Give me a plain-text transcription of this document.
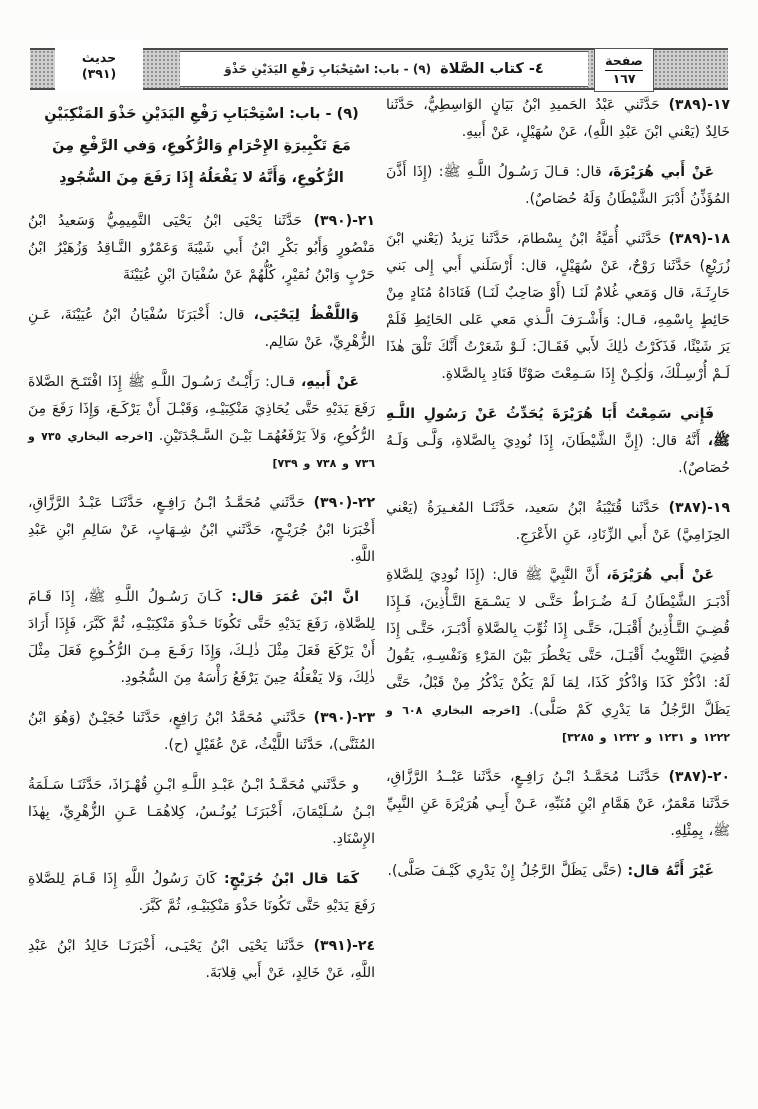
حديث
(٣٩١)	٤- كتاب الصَّلاة
(٩) - باب: اسْتِحْبَابِ رَفْعِ اليَدَيْنِ حَذْوَ
صفحة
١٦٧

١٧-(٣٨٩) حَدَّثَني عَبْدُ الحَميدِ ابْنُ بَيَانٍ الوَاسِطِيُّ، حَدَّثَنا خَالِدٌ (يَعْني ابْنَ عَبْدِ اللَّهِ)، عَنْ سُهَيْلٍ، عَنْ أَبيهِ.

عَنْ أَبي هُرَيْرَةَ، قال: قـالَ رَسُـولُ اللَّـهِ ﷺ: (إِذَا أَذَّنَ المُؤَذِّنُ أَدْبَرَ الشَّيْطَانُ وَلَهُ حُصَاصٌ).

١٨-(٣٨٩) حَدَّثَني أُمَيَّةُ ابْنُ بِسْطامَ، حَدَّثَنا يَزيدُ (يَعْني ابْنَ زُرَيْعٍ) حَدَّثَنا رَوْحٌ، عَنْ سُهَيْلٍ، قال: أَرْسَلَني أَبي إِلى بَني حَارِثَـةَ، قال وَمَعي غُلامٌ لَنَـا (أَوْ صَاحِبٌ لَنَـا) فَنَادَاهُ مُنَادٍ مِنْ حَائِطٍ بِاسْمِهِ، قـال: وَأَشْـرَفَ الَّـذي مَعي عَلى الحَائِطِ فَلَمْ يَرَ شَيْئًا، فَذَكَرْتُ ذٰلِكَ لأَبي فَقَـالَ: لَـوْ شَعَرْتُ أَنَّكَ تَلْقَ هٰذَا لَـمْ أُرْسِـلْكَ، وَلٰكِـنْ إِذَا سَـمِعْتَ صَوْتًا فَنَادِ بِالصَّلاةِ.

فَإِني سَمِعْتُ أَبَا هُرَيْرَةَ يُحَدِّثُ عَنْ رَسُولِ اللَّـهِ ﷺ، أَنَّهُ قال: (إِنَّ الشَّيْطَانَ، إِذَا نُودِيَ بِالصَّلاةِ، وَلَّـى وَلَـهُ حُصَاصٌ).

١٩-(٣٨٧) حَدَّثَنا قُتَيْبَةُ ابْنُ سَعيد، حَدَّثَنَـا المُغـيرَةُ (يَعْني الحِزَامِيَّ) عَنْ أَبي الزِّنَادِ، عَنِ الأَعْرَجِ.

عَنْ أَبي هُرَيْرَةَ، أَنَّ النَّبِيَّ ﷺ قال: (إِذَا نُودِيَ لِلصَّلاةِ أَدْبَـرَ الشَّيْطَانُ لَـهُ ضُـرَاطٌ حَتَّـى لا يَسْـمَعَ التَّـأْذِينَ، فَـإِذَا قُضِـيَ التَّـأْذِينُ أَقْبَـلَ، حَتَّـى إِذَا ثُوِّبَ بِالصَّلاةِ أَدْبَـرَ، حَتَّـى إِذَا قُضِيَ التَّثْوِيبُ أَقْبَـلَ، حَتَّى يَخْطُرَ بَيْنَ المَرْءِ وَنَفْسِـهِ، يَقُولُ لَهُ: اذْكُرْ كَذَا وَاذْكُرْ كَذَا، لِمَا لَمْ يَكُنْ يَذْكُرُ مِنْ قَبْلُ، حَتَّى يَظَلَّ الرَّجُلُ مَا يَدْرِي كَمْ صَلَّى). [اخرجه البخاري ٦٠٨ و ١٢٢٢ و ١٢٣١ و ١٢٣٢ و ٣٢٨٥]

٢٠-(٣٨٧) حَدَّثَنـا مُحَمَّـدُ ابْـنُ رَافِـعٍ، حَدَّثَنا عَبْــدُ الرَّزَّاقِ، حَدَّثَنا مَعْمَرٌ، عَنْ هَمَّامِ ابْنِ مُنَبِّهِ، عَـنْ أَبِـي هُرَيْرَةَ عَنِ النَّبِيِّ ﷺ، بِمِثْلِهِ.

غَيْرَ أَنَّهُ قال: (حَتَّى يَظَلَّ الرَّجُلُ إِنْ يَدْرِي كَيْـفَ صَلَّى).

(٩) - باب: اسْتِحْبَابِ رَفْعِ اليَدَيْنِ حَذْوَ المَنْكِبَيْنِ مَعَ تَكْبِيرَةِ الإِحْرَامِ وَالرُّكُوعِ، وَفي الرَّفْعِ مِنَ الرُّكُوعِ، وَأَنَّهُ لا يَفْعَلُهُ إِذَا رَفَعَ مِنَ السُّجُودِ

٢١-(٣٩٠) حَدَّثَنا يَحْيَى ابْنُ يَحْيَى التَّمِيمِيُّ وَسَعيدُ ابْنُ مَنْصُورٍ وَأَبُو بَكْرِ ابْنُ أَبي شَيْبَةَ وَعَمْرٌو النَّـاقِدُ وَزُهَيْرُ ابْنُ حَرْبٍ وَابْنُ نُمَيْرٍ، كُلُّهُمْ عَنْ سُفْيَانَ ابْنِ عُيَيْنَةَ

وَاللَّفْظُ لِيَحْيَى، قال: أَخْبَرَنَا سُفْيَانُ ابْنُ عُيَيْنَةَ، عَـنِ الزُّهْرِيِّ، عَنْ سَالِم.

عَنْ أَبيهِ، قـال: رَأَيْـتُ رَسُـولَ اللَّـهِ ﷺ إِذَا افْتَتَـحَ الصَّلاةَ رَفَعَ يَدَيْهِ حَتَّى يُحَاذِيَ مَنْكِبَيْـهِ، وَقَبْـلَ أَنْ يَرْكَـعَ، وَإِذَا رَفَعَ مِنَ الرُّكُوعِ، وَلاَ يَرْفَعُهُمَـا بَيْـنَ السَّـجْدَتَيْنِ. [اخرجه البخاري ٧٣٥ و ٧٣٦ و ٧٣٨ و ٧٣٩]

٢٢-(٣٩٠) حَدَّثَني مُحَمَّـدُ ابْـنُ رَافِـعٍ، حَدَّثَنَـا عَبْـدُ الرَّزَّاقِ، أَخْبَرَنا ابْنُ جُرَيْـجٍ، حَدَّثَني ابْنُ شِـهَابٍ، عَنْ سَالِمِ ابْنِ عَبْدِ اللَّهِ.

انَّ ابْنَ عُمَرَ قال: كَـانَ رَسُـولُ اللَّـهِ ﷺ، إِذَا قَـامَ لِلصَّلاةِ، رَفَعَ يَدَيْهِ حَتَّى تَكُونَا حَـذْوَ مَنْكِبَيْـهِ، ثُمَّ كَبَّرَ، فَإِذَا أَرَادَ أَنْ يَرْكَعَ فَعَلَ مِثْلَ ذٰلِـكَ، وَإِذَا رَفَـعَ مِـنَ الرُّكُـوعِ فَعَلَ مِثْلَ ذٰلِكَ، وَلا يَفْعَلُهُ حِينَ يَرْفَعُ رَأْسَهُ مِنَ السُّجُودِ.

٢٣-(٣٩٠) حَدَّثَني مُحَمَّدُ ابْنُ رَافِعٍ، حَدَّثَنا حُجَيْـنٌ (وَهُوَ ابْنُ المُثَنَّى)، حَدَّثَنا اللَّيْثُ، عَنْ عُقَيْلٍ (ح).

و حَدَّثَني مُحَمَّـدُ ابْـنُ عَبْـدِ اللَّـهِ ابْـنِ قُهْـزَاذَ، حَدَّثَنَـا سَـلَمَةُ ابْـنُ سُـلَيْمَانَ، أَخْبَرَنَـا يُونُـسُ، كِلاهُمَـا عَـنِ الزُّهْرِيِّ، بِهٰذَا الإِسْنَادِ.

كَمَا قال ابْنُ جُرَيْجٍ: كَانَ رَسُولُ اللَّهِ إِذَا قَـامَ لِلصَّلاةِ رَفَعَ يَدَيْهِ حَتَّى تَكُونَا حَذْوَ مَنْكِبَيْـهِ، ثُمَّ كَبَّرَ.

٢٤-(٣٩١) حَدَّثَنا يَحْيَى ابْنُ يَحْيَـى، أَخْبَرَنَـا خَالِدُ ابْنُ عَبْدِ اللَّهِ، عَنْ خَالِدٍ، عَنْ أَبي قِلابَةَ.
